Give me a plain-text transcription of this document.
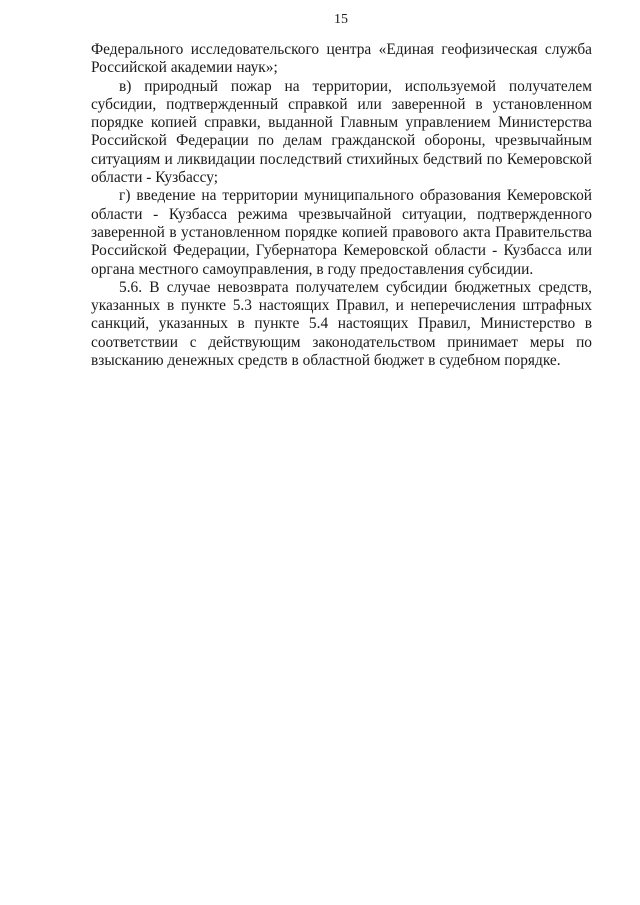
15

Федерального исследовательского центра «Единая геофизическая служба
Российской академии наук»;

в) природный пожар на территории, используемой получателем
субсидии, подтвержденный справкой или заверенной в установленном
порядке копией справки, выданной Главным управлением Министерства
Российской Федерации по делам гражданской обороны, чрезвычайным
ситуациям и ликвидации последствий стихийных бедствий по Кемеровской
области - Кузбассу;

г) введение на территории муниципального образования Кемеровской
области - Кузбасса режима чрезвычайной ситуации, подтвержденного
заверенной в установленном порядке копией правового акта Правительства
Российской Федерации, Губернатора Кемеровской области - Кузбасса или
органа местного самоуправления, в году предоставления субсидии.

5.6. В случае невозврата получателем субсидии бюджетных средств,
указанных в пункте 5.3 настоящих Правил, и неперечисления штрафных
санкций, указанных в пункте 5.4 настоящих Правил, Министерство в
соответствии с действующим законодательством принимает меры по
взысканию денежных средств в областной бюджет в судебном порядке.
